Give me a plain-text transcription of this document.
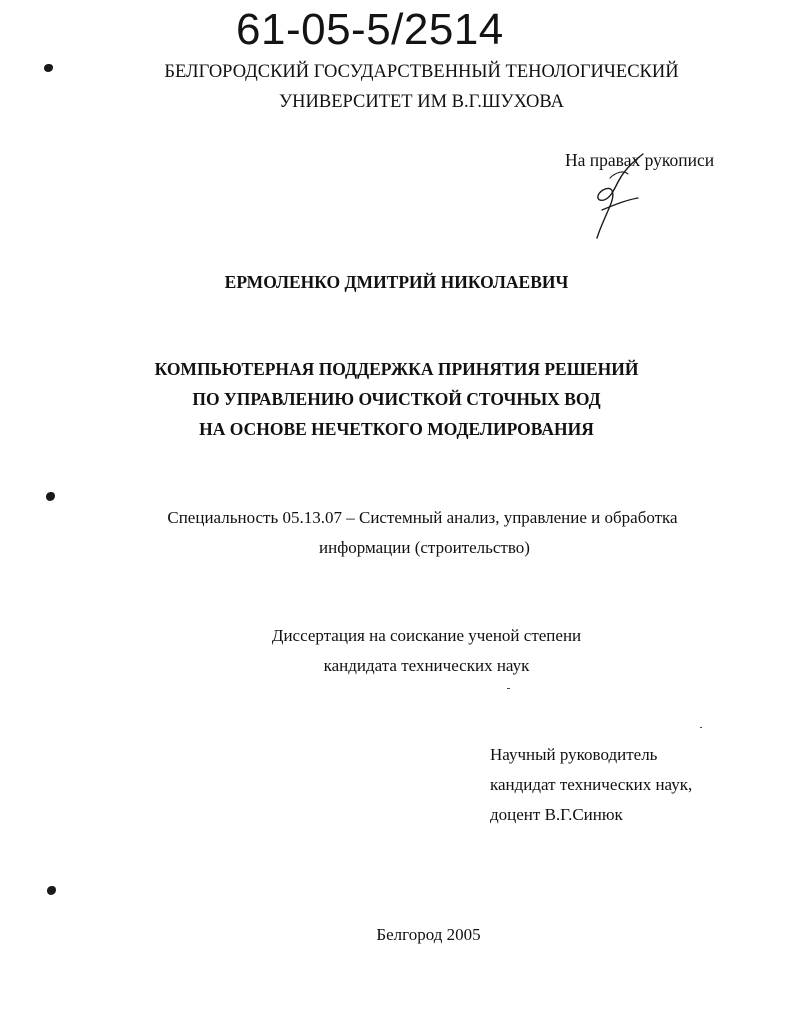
61-05-5/2514
БЕЛГОРОДСКИЙ ГОСУДАРСТВЕННЫЙ ТЕНОЛОГИЧЕСКИЙ
УНИВЕРСИТЕТ ИМ В.Г.ШУХОВА
На правах рукописи
ЕРМОЛЕНКО ДМИТРИЙ НИКОЛАЕВИЧ
КОМПЬЮТЕРНАЯ ПОДДЕРЖКА ПРИНЯТИЯ РЕШЕНИЙ
ПО УПРАВЛЕНИЮ ОЧИСТКОЙ СТОЧНЫХ ВОД
НА ОСНОВЕ НЕЧЕТКОГО МОДЕЛИРОВАНИЯ
Специальность 05.13.07 – Системный анализ, управление и обработка
информации (строительство)
Диссертация на соискание ученой степени
кандидата технических наук
Научный руководитель
кандидат технических наук,
доцент В.Г.Синюк
Белгород 2005
